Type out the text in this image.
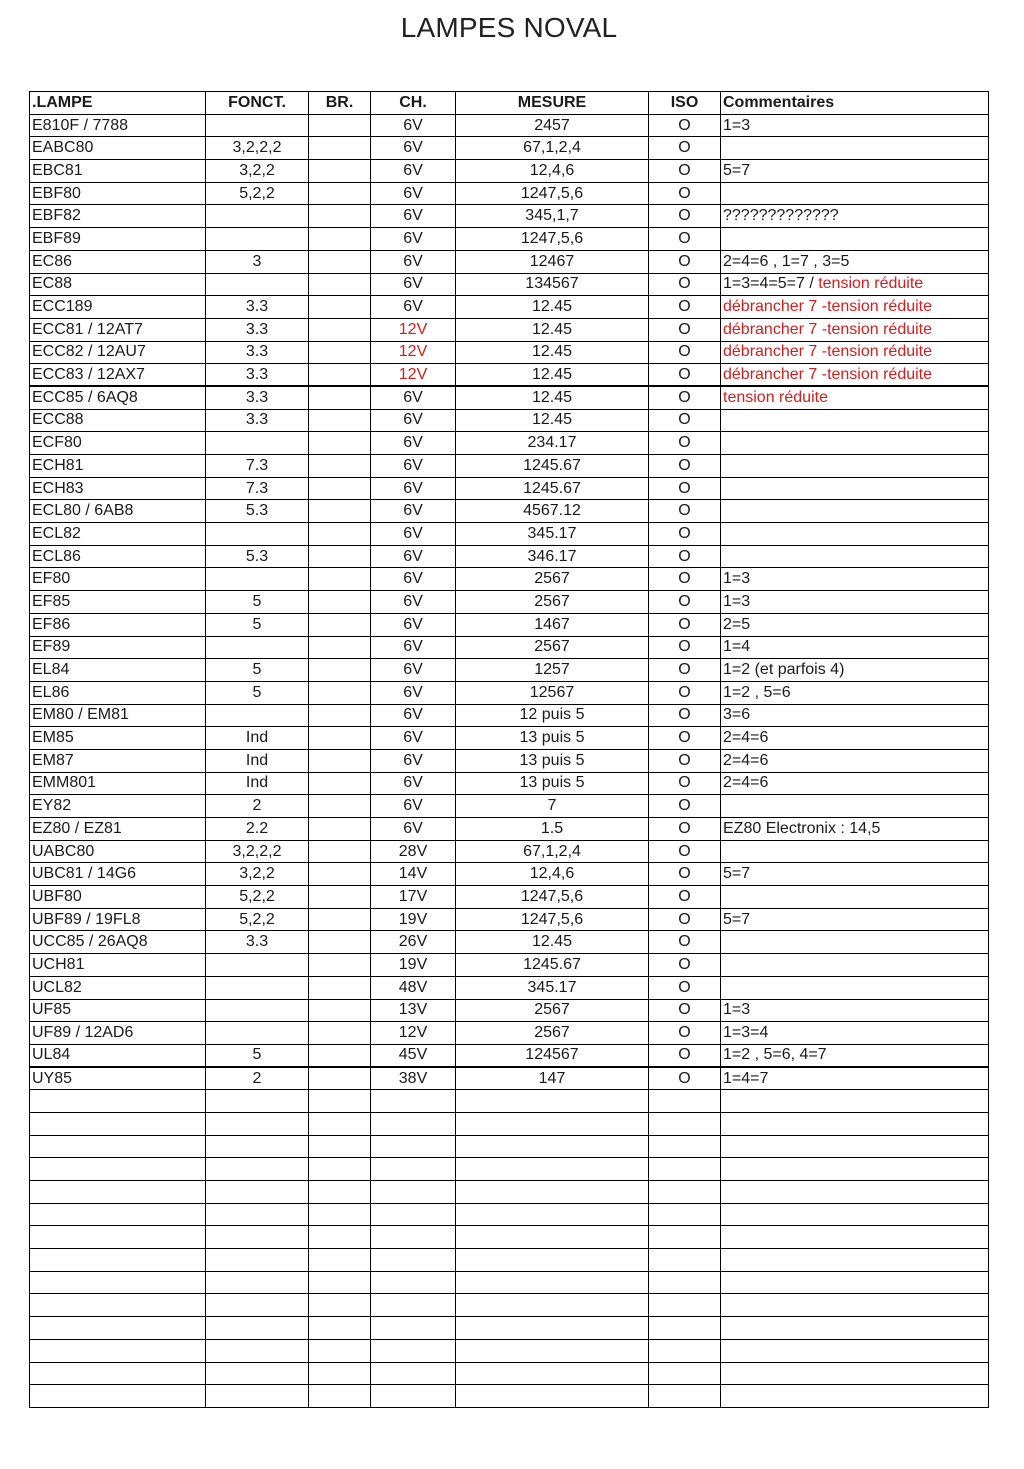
LAMPES NOVAL
.LAMPE	FONCT.	BR.	CH.	MESURE	ISO	Commentaires
E810F / 7788			6V	2457	O	1=3
EABC80	3,2,2,2		6V	67,1,2,4	O	
EBC81	3,2,2		6V	12,4,6	O	5=7
EBF80	5,2,2		6V	1247,5,6	O	
EBF82			6V	345,1,7	O	?????????????
EBF89			6V	1247,5,6	O	
EC86	3		6V	12467	O	2=4=6 , 1=7 , 3=5
EC88			6V	134567	O	1=3=4=5=7 / tension réduite
ECC189	3.3		6V	12.45	O	débrancher 7 -tension réduite
ECC81 / 12AT7	3.3		12V	12.45	O	débrancher 7 -tension réduite
ECC82 / 12AU7	3.3		12V	12.45	O	débrancher 7 -tension réduite
ECC83 / 12AX7	3.3		12V	12.45	O	débrancher 7 -tension réduite
ECC85 / 6AQ8	3.3		6V	12.45	O	tension réduite
ECC88	3.3		6V	12.45	O	
ECF80			6V	234.17	O	
ECH81	7.3		6V	1245.67	O	
ECH83	7.3		6V	1245.67	O	
ECL80 / 6AB8	5.3		6V	4567.12	O	
ECL82			6V	345.17	O	
ECL86	5.3		6V	346.17	O	
EF80			6V	2567	O	1=3
EF85	5		6V	2567	O	1=3
EF86	5		6V	1467	O	2=5
EF89			6V	2567	O	1=4
EL84	5		6V	1257	O	1=2 (et parfois 4)
EL86	5		6V	12567	O	1=2 , 5=6
EM80 / EM81			6V	12 puis 5	O	3=6
EM85	Ind		6V	13 puis 5	O	2=4=6
EM87	Ind		6V	13 puis 5	O	2=4=6
EMM801	Ind		6V	13 puis 5	O	2=4=6
EY82	2		6V	7	O	
EZ80 / EZ81	2.2		6V	1.5	O	EZ80 Electronix : 14,5
UABC80	3,2,2,2		28V	67,1,2,4	O	
UBC81 / 14G6	3,2,2		14V	12,4,6	O	5=7
UBF80	5,2,2		17V	1247,5,6	O	
UBF89 / 19FL8	5,2,2		19V	1247,5,6	O	5=7
UCC85 / 26AQ8	3.3		26V	12.45	O	
UCH81			19V	1245.67	O	
UCL82			48V	345.17	O	
UF85			13V	2567	O	1=3
UF89 / 12AD6			12V	2567	O	1=3=4
UL84	5		45V	124567	O	1=2 , 5=6, 4=7
UY85	2		38V	147	O	1=4=7
